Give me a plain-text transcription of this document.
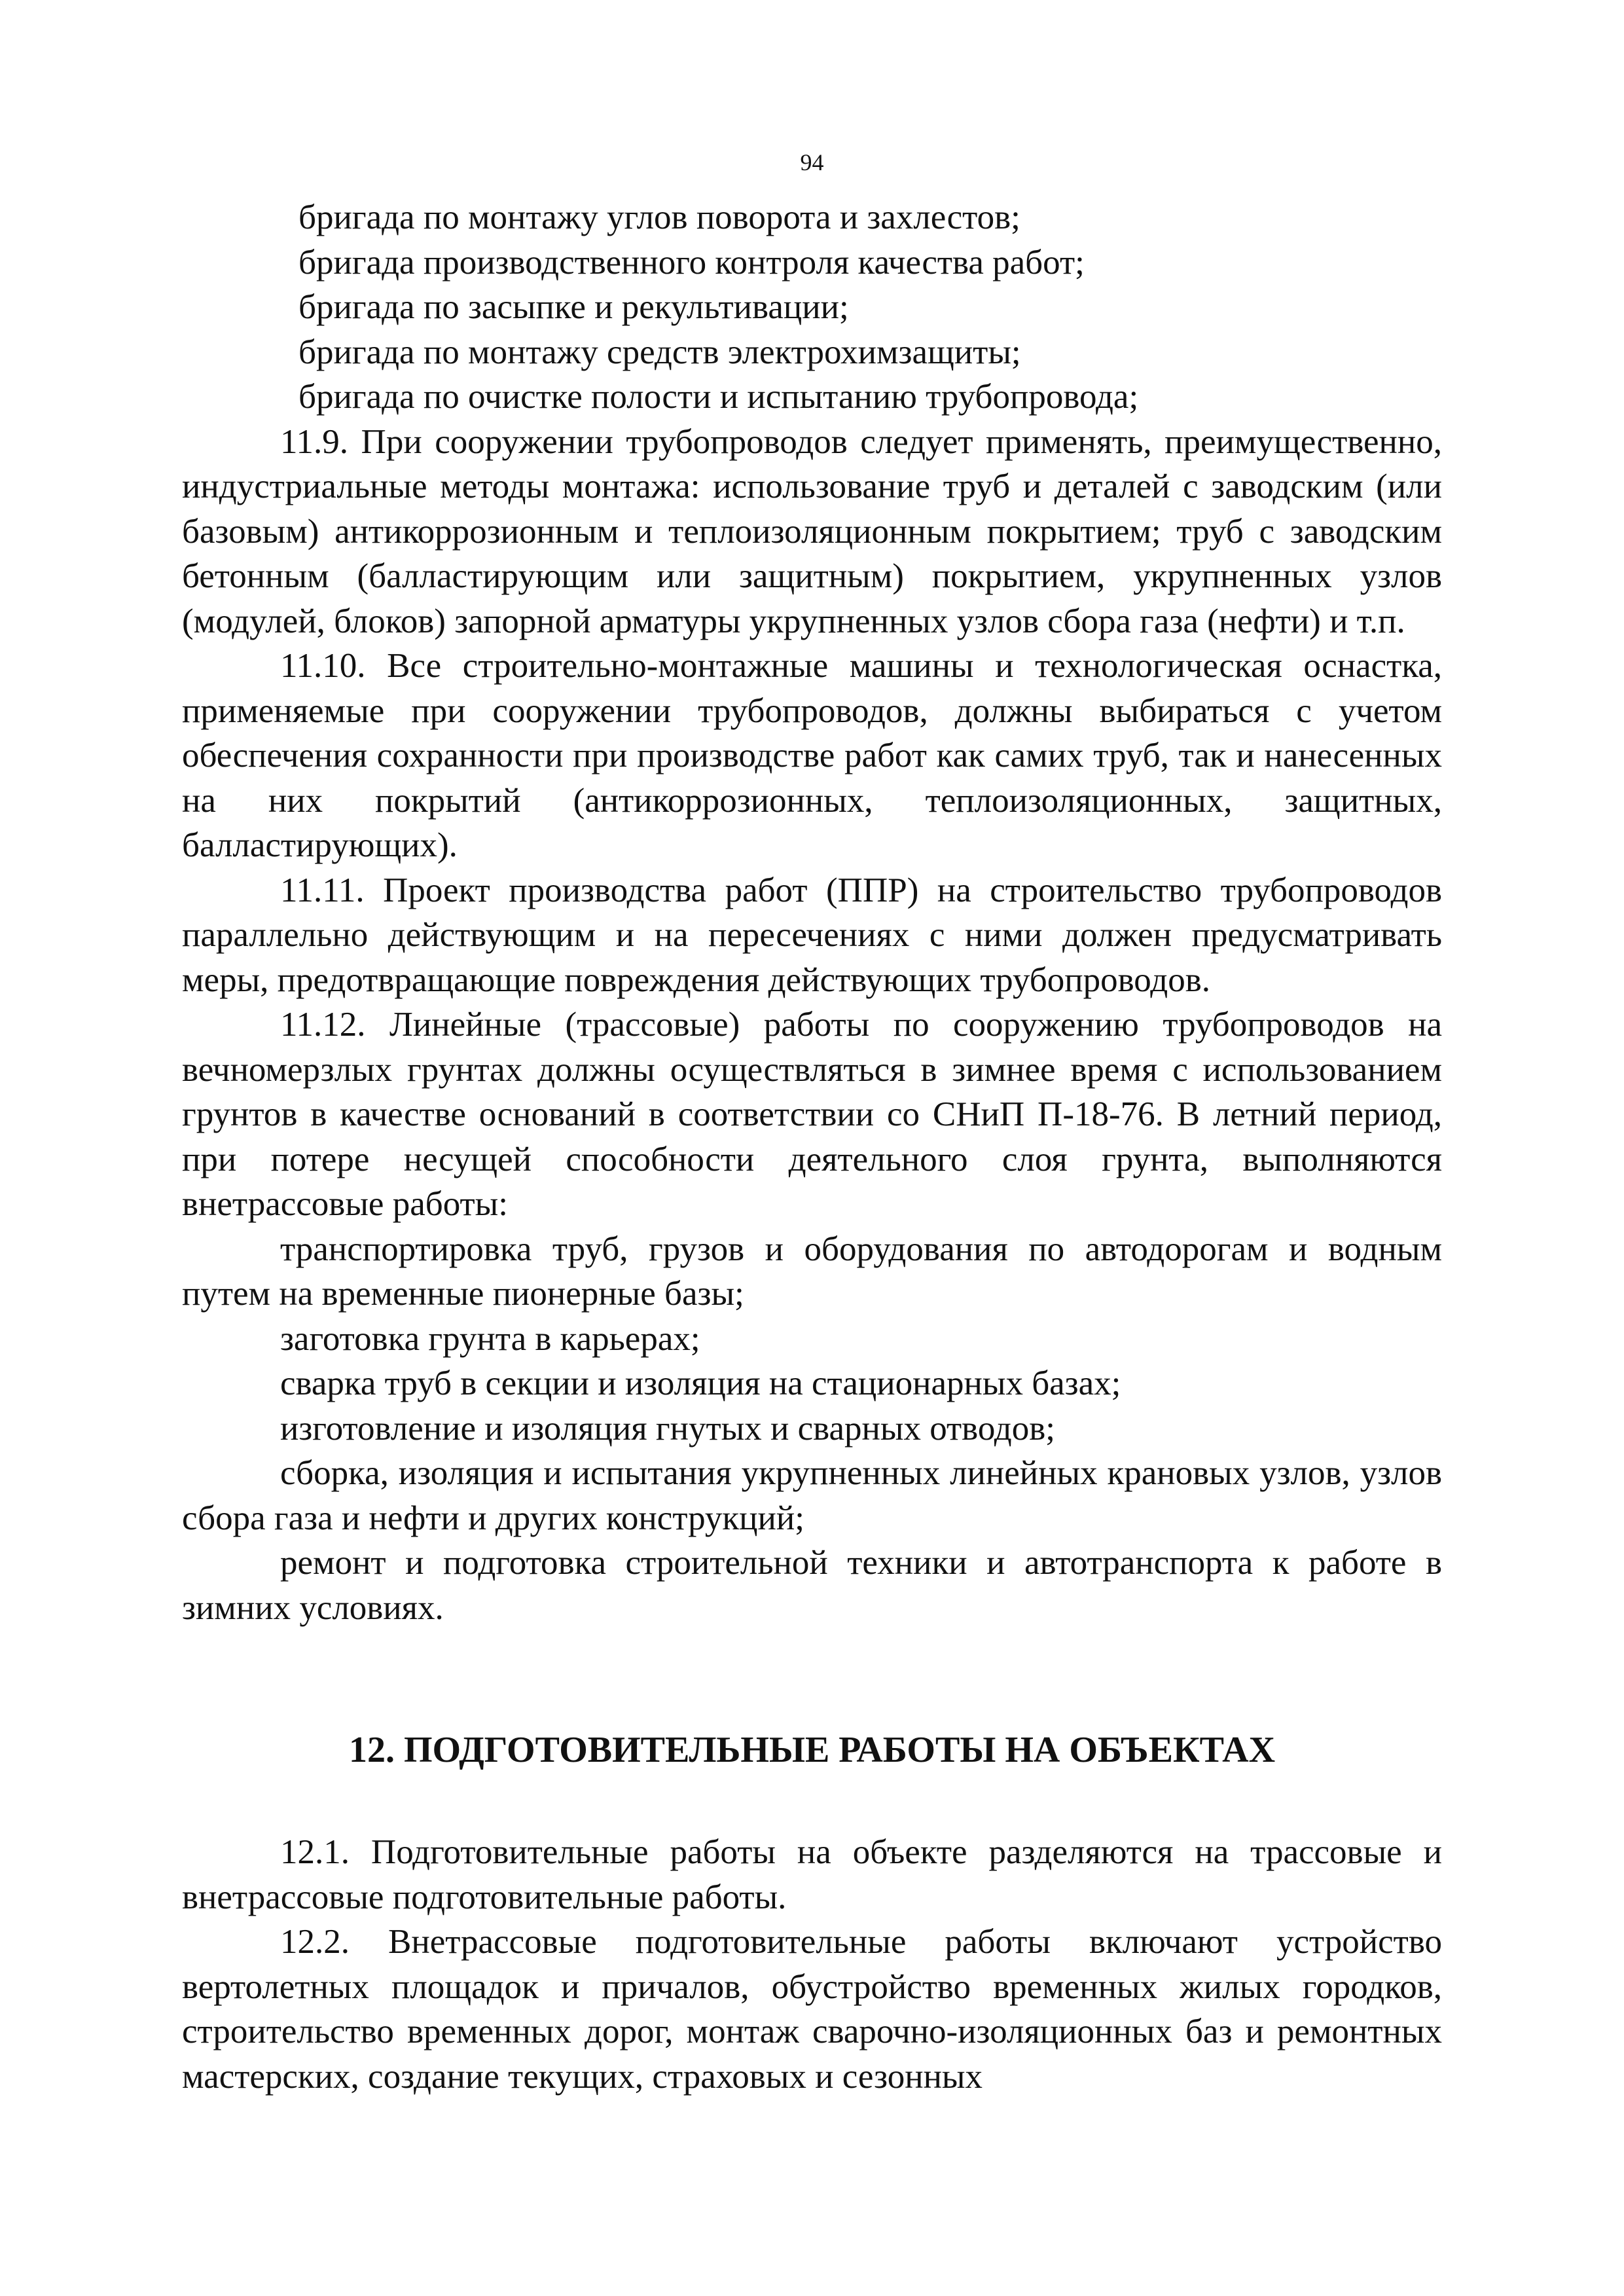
94

бригада по монтажу углов поворота и захлестов;

бригада производственного контроля качества работ;

бригада по засыпке и рекультивации;

бригада по монтажу средств электрохимзащиты;

бригада по очистке полости и испытанию трубопровода;

11.9. При сооружении трубопроводов следует применять, преимущественно, индустриальные методы монтажа: использование труб и деталей с заводским (или базовым) антикоррозионным и теплоизоляционным покрытием; труб с заводским бетонным (балластирующим или защитным) покрытием, укрупненных узлов (модулей, блоков) запорной арматуры укрупненных узлов сбора газа (нефти) и т.п.

11.10. Все строительно-монтажные машины и технологическая оснастка, применяемые при сооружении трубопроводов, должны выбираться с учетом обеспечения сохранности при производстве работ как самих труб, так и нанесенных на них покрытий (антикоррозионных, теплоизоляционных, защитных, балластирующих).

11.11. Проект производства работ (ППР) на строительство трубопроводов параллельно действующим и на пересечениях с ними должен предусматривать меры, предотвращающие повреждения действующих трубопроводов.

11.12. Линейные (трассовые) работы по сооружению трубопроводов на вечномерзлых грунтах должны осуществляться в зимнее время с использованием грунтов в качестве оснований в соответствии со СНиП П-18-76. В летний период, при потере несущей способности деятельного слоя грунта, выполняются внетрассовые работы:

транспортировка труб, грузов и оборудования по автодорогам и водным путем на временные пионерные базы;

заготовка грунта в карьерах;

сварка труб в секции и изоляция на стационарных базах;

изготовление и изоляция гнутых и сварных отводов;

сборка, изоляция и испытания укрупненных линейных крановых узлов, узлов сбора газа и нефти и других конструкций;

ремонт и подготовка строительной техники и автотранспорта к работе в зимних условиях.

12. ПОДГОТОВИТЕЛЬНЫЕ РАБОТЫ НА ОБЪЕКТАХ

12.1. Подготовительные работы на объекте разделяются на трассовые и внетрассовые подготовительные работы.

12.2. Внетрассовые подготовительные работы включают устройство вертолетных площадок и причалов, обустройство временных жилых городков, строительство временных дорог, монтаж сварочно-изоляционных баз и ремонтных мастерских, создание текущих, страховых и сезонных
